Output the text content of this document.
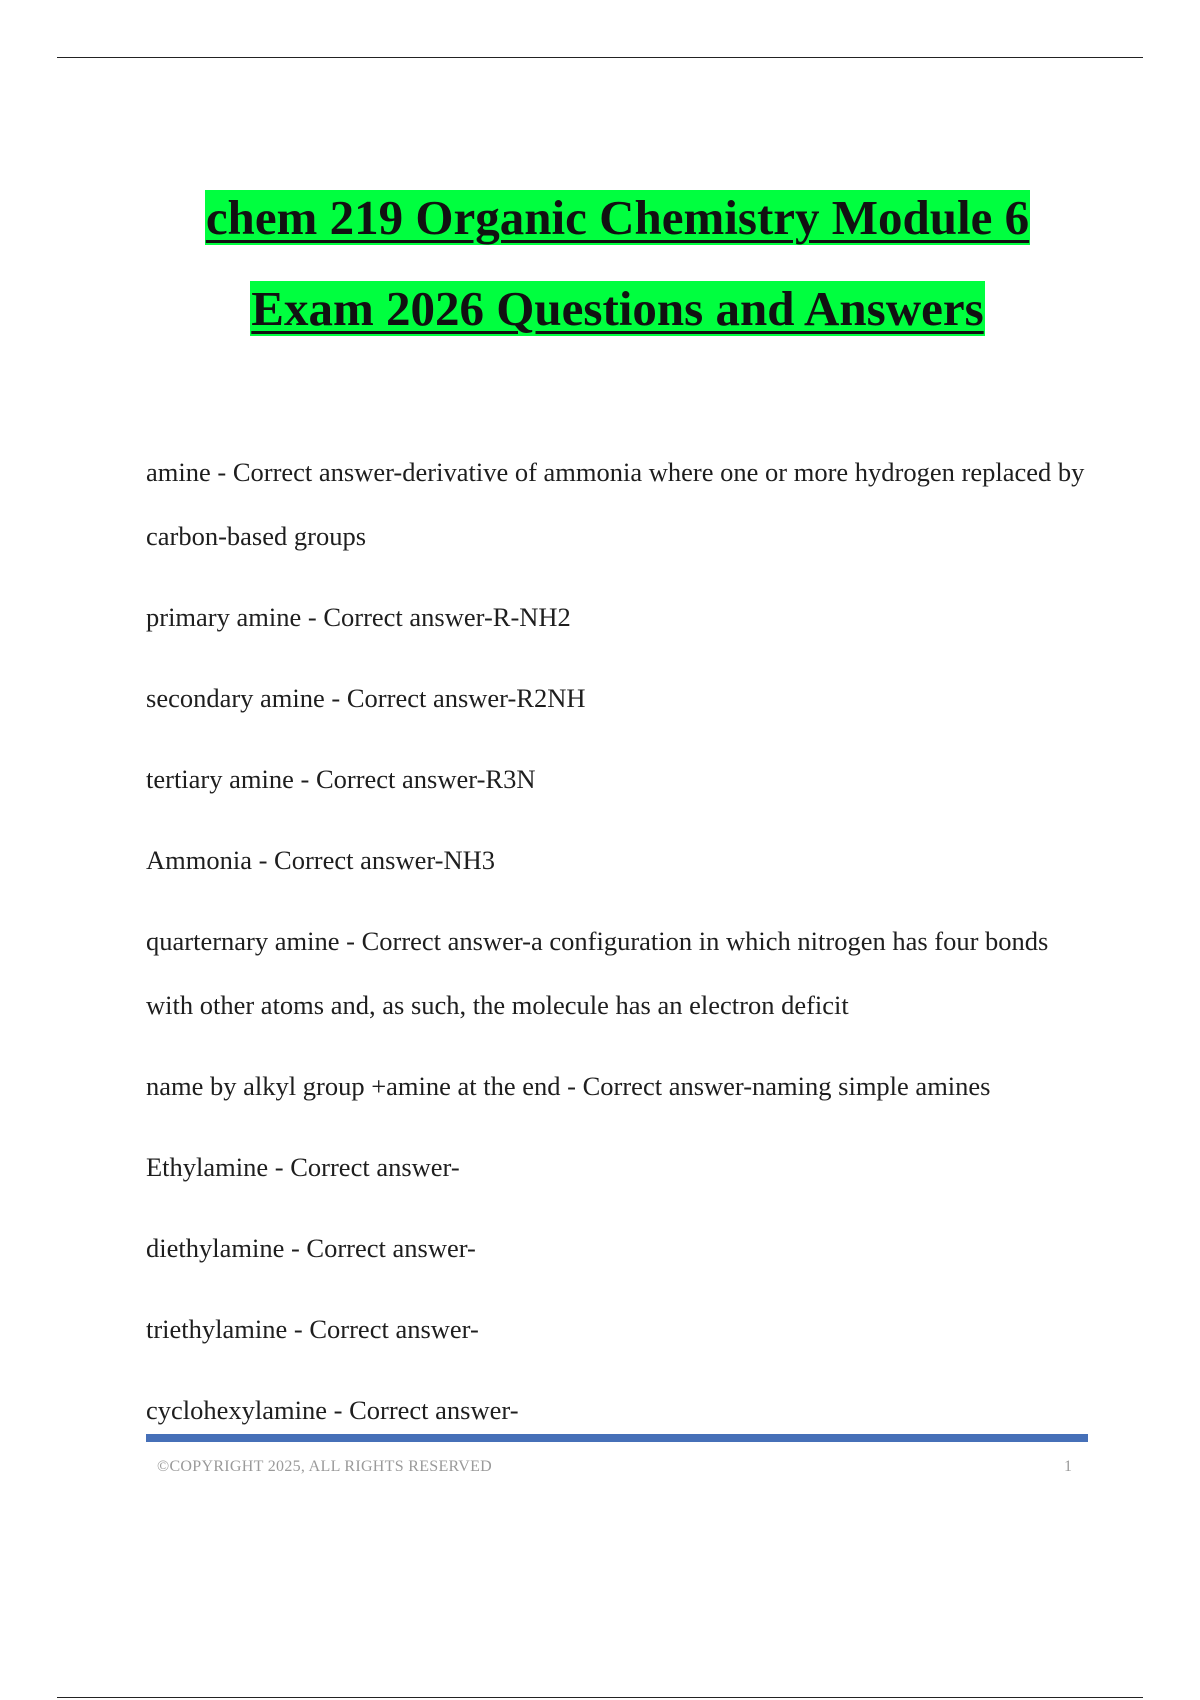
chem 219 Organic Chemistry Module 6
Exam 2026 Questions and Answers
amine - Correct answer-derivative of ammonia where one or more hydrogen replaced by carbon-based groups
primary amine - Correct answer-R-NH2
secondary amine - Correct answer-R2NH
tertiary amine - Correct answer-R3N
Ammonia - Correct answer-NH3
quarternary amine - Correct answer-a configuration in which nitrogen has four bonds with other atoms and, as such, the molecule has an electron deficit
name by alkyl group +amine at the end - Correct answer-naming simple amines
Ethylamine - Correct answer-
diethylamine - Correct answer-
triethylamine - Correct answer-
cyclohexylamine - Correct answer-
©COPYRIGHT 2025, ALL RIGHTS RESERVED	1
